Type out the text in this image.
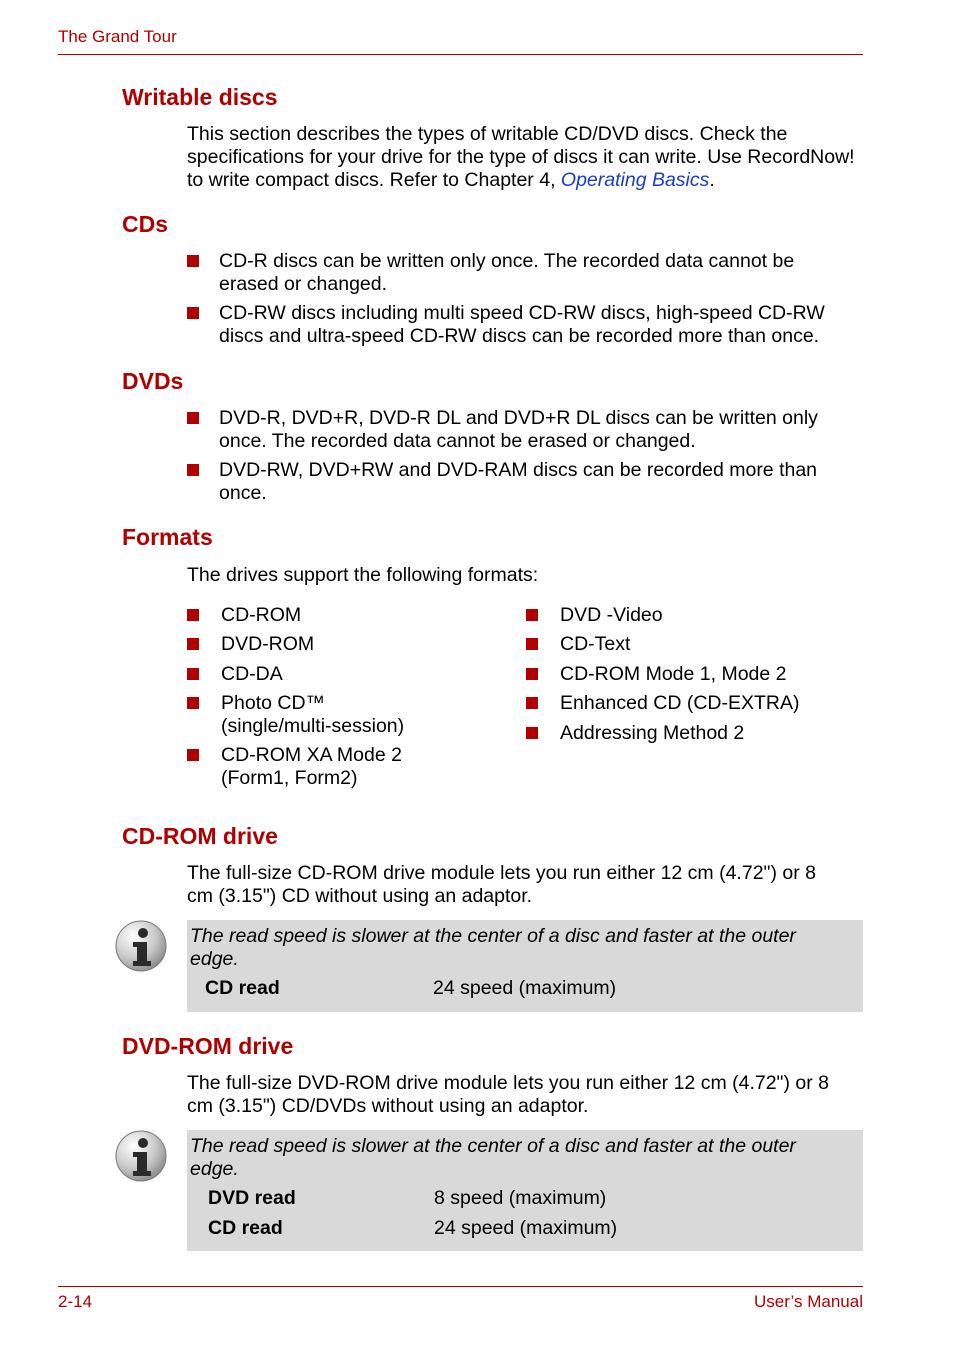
The Grand Tour
Writable discs

This section describes the types of writable CD/DVD discs. Check the specifications for your drive for the type of discs it can write. Use RecordNow! to write compact discs. Refer to Chapter 4, Operating Basics.

CDs
CD-R discs can be written only once. The recorded data cannot be erased or changed.
CD-RW discs including multi speed CD-RW discs, high-speed CD-RW discs and ultra-speed CD-RW discs can be recorded more than once.
DVDs
DVD-R, DVD+R, DVD-R DL and DVD+R DL discs can be written only once. The recorded data cannot be erased or changed.
DVD-RW, DVD+RW and DVD-RAM discs can be recorded more than once.
Formats

The drives support the following formats:

CD-ROM
DVD-ROM
CD-DA
Photo CD™ (single/multi-session)
CD-ROM XA Mode 2 (Form1, Form2)
DVD -Video
CD-Text
CD-ROM Mode 1, Mode 2
Enhanced CD (CD-EXTRA)
Addressing Method 2
CD-ROM drive

The full-size CD-ROM drive module lets you run either 12 cm (4.72") or 8 cm (3.15") CD without using an adaptor.

The read speed is slower at the center of a disc and faster at the outer edge.
CD read	24 speed (maximum)
DVD-ROM drive

The full-size DVD-ROM drive module lets you run either 12 cm (4.72") or 8 cm (3.15") CD/DVDs without using an adaptor.

The read speed is slower at the center of a disc and faster at the outer edge.
DVD read	8 speed (maximum)
CD read	24 speed (maximum)
2-14	User’s Manual
